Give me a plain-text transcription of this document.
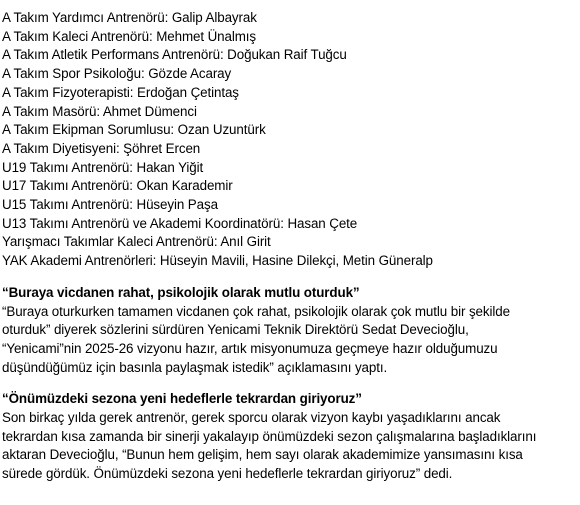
A Takım Yardımcı Antrenörü: Galip Albayrak
A Takım Kaleci Antrenörü: Mehmet Ünalmış
A Takım Atletik Performans Antrenörü: Doğukan Raif Tuğcu
A Takım Spor Psikoloğu: Gözde Acaray
A Takım Fizyoterapisti: Erdoğan Çetintaş
A Takım Masörü: Ahmet Dümenci
A Takım Ekipman Sorumlusu: Ozan Uzuntürk
A Takım Diyetisyeni: Şöhret Ercen
U19 Takımı Antrenörü: Hakan Yiğit
U17 Takımı Antrenörü: Okan Karademir
U15 Takımı Antrenörü: Hüseyin Paşa
U13 Takımı Antrenörü ve Akademi Koordinatörü: Hasan Çete
Yarışmacı Takımlar Kaleci Antrenörü: Anıl Girit
YAK Akademi Antrenörleri: Hüseyin Mavili, Hasine Dilekçi, Metin Güneralp

“Buraya vicdanen rahat, psikolojik olarak mutlu oturduk”

“Buraya oturkurken tamamen vicdanen çok rahat, psikolojik olarak çok mutlu bir şekilde

oturduk” diyerek sözlerini sürdüren Yenicami Teknik Direktörü Sedat Devecioğlu,

“Yenicami”nin 2025-26 vizyonu hazır, artık misyonumuza geçmeye hazır olduğumuzu

düşündüğümüz için basınla paylaşmak istedik” açıklamasını yaptı.

“Önümüzdeki sezona yeni hedeflerle tekrardan giriyoruz”

Son birkaç yılda gerek antrenör, gerek sporcu olarak vizyon kaybı yaşadıklarını ancak

tekrardan kısa zamanda bir sinerji yakalayıp önümüzdeki sezon çalışmalarına başladıklarını

aktaran Devecioğlu, “Bunun hem gelişim, hem sayı olarak akademimize yansımasını kısa

sürede gördük. Önümüzdeki sezona yeni hedeflerle tekrardan giriyoruz” dedi.
